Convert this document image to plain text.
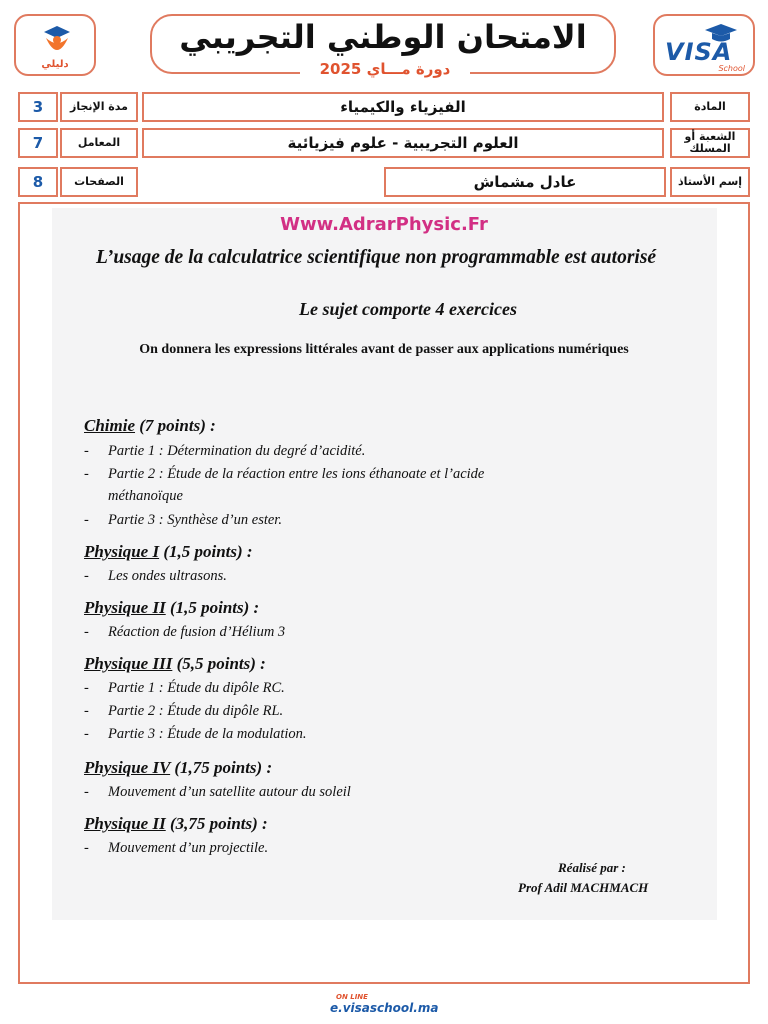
دليلي
الامتحان الوطني التجريبي
دورة مـــاي 2025
VISA
School
3 مدة الإنجاز	الفيزياء والكيمياء	المادة
7	المعامل	العلوم التجريبية - علوم فيزيائية	الشعبة أو المسلك
8	الصفحات	عادل مشماش	إسم الأستاذ
Www.AdrarPhysic.Fr
L’usage de la calculatrice scientifique non programmable est autorisé
Le sujet comporte 4 exercices
On donnera les expressions littérales avant de passer aux applications numériques
Chimie (7 points) :
- Partie 1 : Détermination du degré d’acidité.
- Partie 2 : Étude de la réaction entre les ions éthanoate et l’acide
méthanoïque
- Partie 3 : Synthèse d’un ester.
Physique I (1,5 points) :
- Les ondes ultrasons.
Physique II (1,5 points) :
- Réaction de fusion d’Hélium 3
Physique III (5,5 points) :
- Partie 1 : Étude du dipôle RC.
- Partie 2 : Étude du dipôle RL.
- Partie 3 : Étude de la modulation.
Physique IV (1,75 points) :
- Mouvement d’un satellite autour du soleil
Physique II (3,75 points) :
- Mouvement d’un projectile.
Réalisé par :
Prof Adil MACHMACH
ON LINE
e.visaschool.ma
